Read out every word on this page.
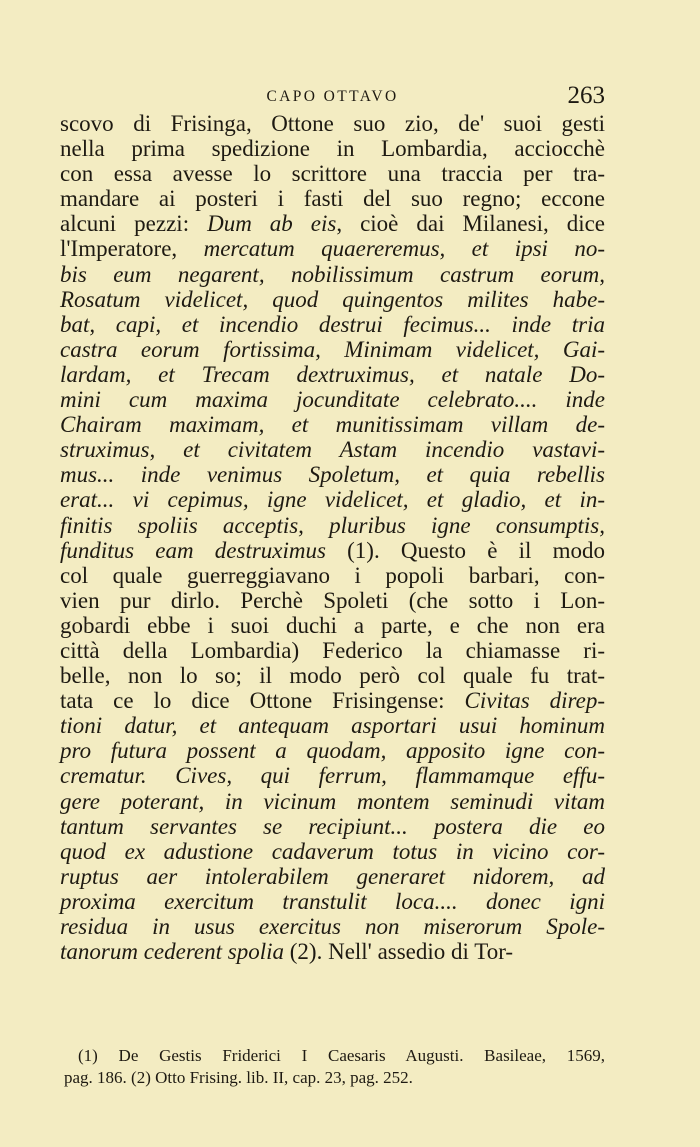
CAPO OTTAVO	263
scovo di Frisinga, Ottone suo zio, de' suoi gesti
nella prima spedizione in Lombardia, acciocchè
con essa avesse lo scrittore una traccia per tra-
mandare ai posteri i fasti del suo regno; eccone
alcuni pezzi: Dum ab eis, cioè dai Milanesi, dice
l'Imperatore, mercatum quaereremus, et ipsi no-
bis eum negarent, nobilissimum castrum eorum,
Rosatum videlicet, quod quingentos milites habe-
bat, capi, et incendio destrui fecimus... inde tria
castra eorum fortissima, Minimam videlicet, Gai-
lardam, et Trecam dextruximus, et natale Do-
mini cum maxima jocunditate celebrato.... inde
Chairam maximam, et munitissimam villam de-
struximus, et civitatem Astam incendio vastavi-
mus... inde venimus Spoletum, et quia rebellis
erat... vi cepimus, igne videlicet, et gladio, et in-
finitis spoliis acceptis, pluribus igne consumptis,
funditus eam destruximus (1). Questo è il modo
col quale guerreggiavano i popoli barbari, con-
vien pur dirlo. Perchè Spoleti (che sotto i Lon-
gobardi ebbe i suoi duchi a parte, e che non era
città della Lombardia) Federico la chiamasse ri-
belle, non lo so; il modo però col quale fu trat-
tata ce lo dice Ottone Frisingense: Civitas direp-
tioni datur, et antequam asportari usui hominum
pro futura possent a quodam, apposito igne con-
crematur. Cives, qui ferrum, flammamque effu-
gere poterant, in vicinum montem seminudi vitam
tantum servantes se recipiunt... postera die eo
quod ex adustione cadaverum totus in vicino cor-
ruptus aer intolerabilem generaret nidorem, ad
proxima exercitum transtulit loca.... donec igni
residua in usus exercitus non miserorum Spole-
tanorum cederent spolia (2). Nell' assedio di Tor-
(1) De Gestis Friderici I Caesaris Augusti. Basileae, 1569,
pag. 186. (2) Otto Frising. lib. II, cap. 23, pag. 252.
